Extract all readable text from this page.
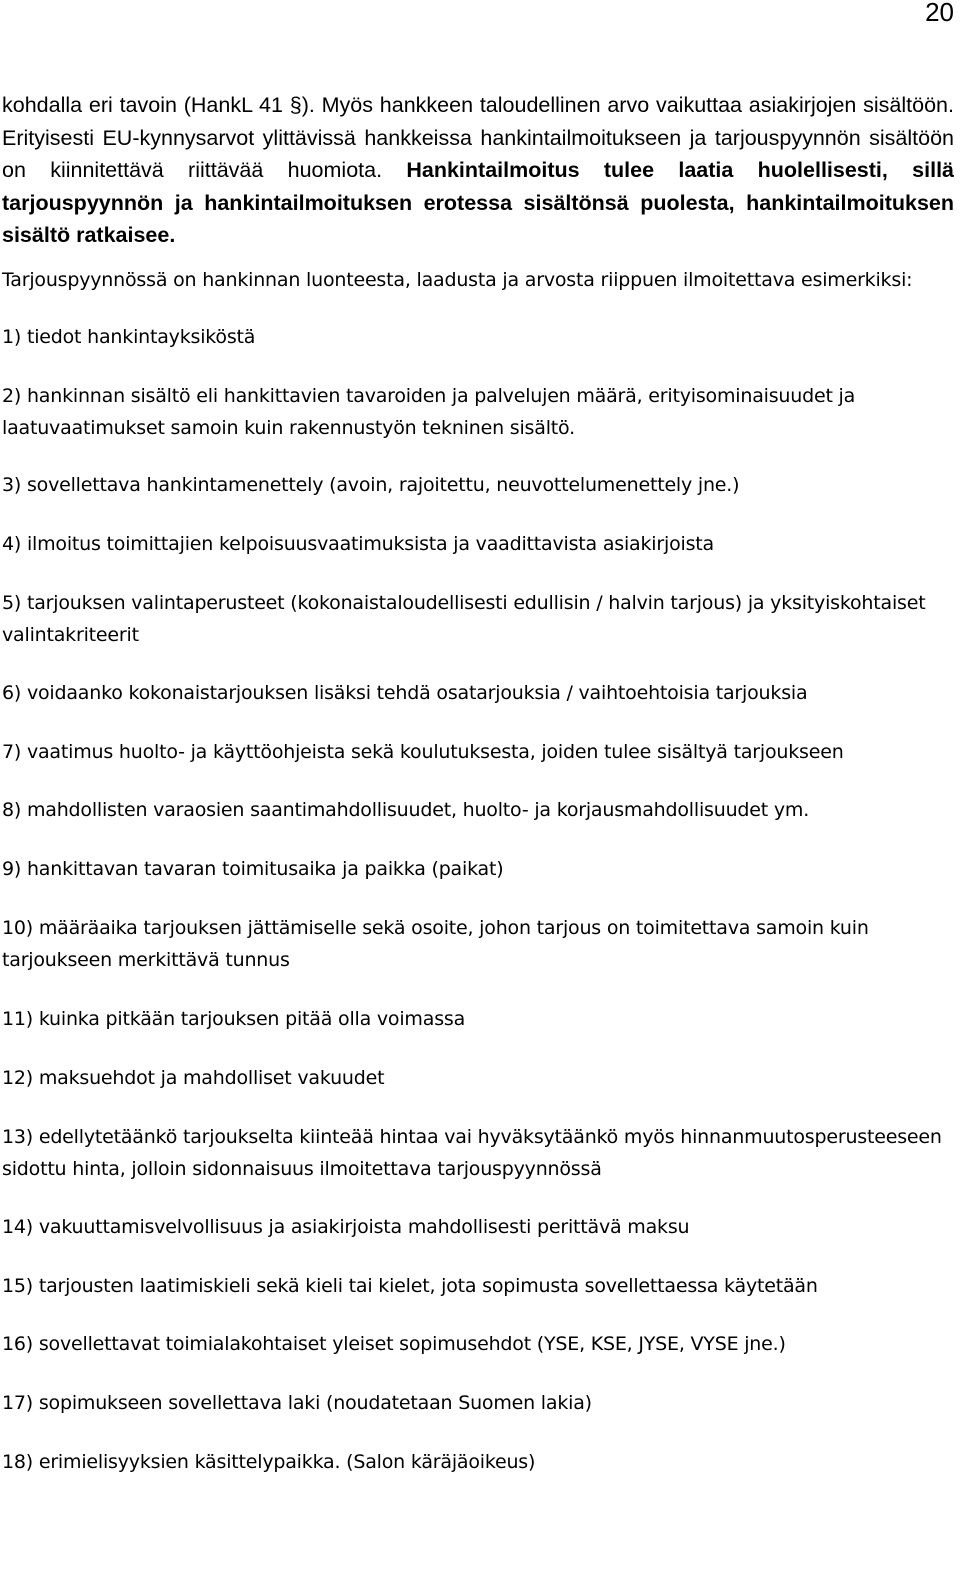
20

kohdalla eri tavoin (HankL 41 §). Myös hankkeen taloudellinen arvo vaikuttaa asiakirjojen sisältöön. Erityisesti EU-kynnysarvot ylittävissä hankkeissa hankintailmoitukseen ja tarjouspyynnön sisältöön on kiinnitettävä riittävää huomiota. Hankintailmoitus tulee laatia huolellisesti, sillä tarjouspyynnön ja hankintailmoituksen erotessa sisältönsä puolesta, hankintailmoituksen sisältö ratkaisee.

Tarjouspyynnössä on hankinnan luonteesta, laadusta ja arvosta riippuen ilmoitettava esimerkiksi:

1) tiedot hankintayksiköstä

2) hankinnan sisältö eli hankittavien tavaroiden ja palvelujen määrä, erityisominaisuudet ja laatuvaatimukset samoin kuin rakennustyön tekninen sisältö.

3) sovellettava hankintamenettely (avoin, rajoitettu, neuvottelumenettely jne.)

4) ilmoitus toimittajien kelpoisuusvaatimuksista ja vaadittavista asiakirjoista

5) tarjouksen valintaperusteet (kokonaistaloudellisesti edullisin / halvin tarjous) ja yksityiskohtaiset valintakriteerit

6) voidaanko kokonaistarjouksen lisäksi tehdä osatarjouksia / vaihtoehtoisia tarjouksia

7) vaatimus huolto- ja käyttöohjeista sekä koulutuksesta, joiden tulee sisältyä tarjoukseen

8) mahdollisten varaosien saantimahdollisuudet, huolto- ja korjausmahdollisuudet ym.

9) hankittavan tavaran toimitusaika ja paikka (paikat)

10) määräaika tarjouksen jättämiselle sekä osoite, johon tarjous on toimitettava samoin kuin tarjoukseen merkittävä tunnus

11) kuinka pitkään tarjouksen pitää olla voimassa

12) maksuehdot ja mahdolliset vakuudet

13) edellytetäänkö tarjoukselta kiinteää hintaa vai hyväksytäänkö myös hinnanmuutosperusteeseen sidottu hinta, jolloin sidonnaisuus ilmoitettava tarjouspyynnössä

14) vakuuttamisvelvollisuus ja asiakirjoista mahdollisesti perittävä maksu

15) tarjousten laatimiskieli sekä kieli tai kielet, jota sopimusta sovellettaessa käytetään

16) sovellettavat toimialakohtaiset yleiset sopimusehdot (YSE, KSE, JYSE, VYSE jne.)

17) sopimukseen sovellettava laki (noudatetaan Suomen lakia)

18) erimielisyyksien käsittelypaikka. (Salon käräjäoikeus)
